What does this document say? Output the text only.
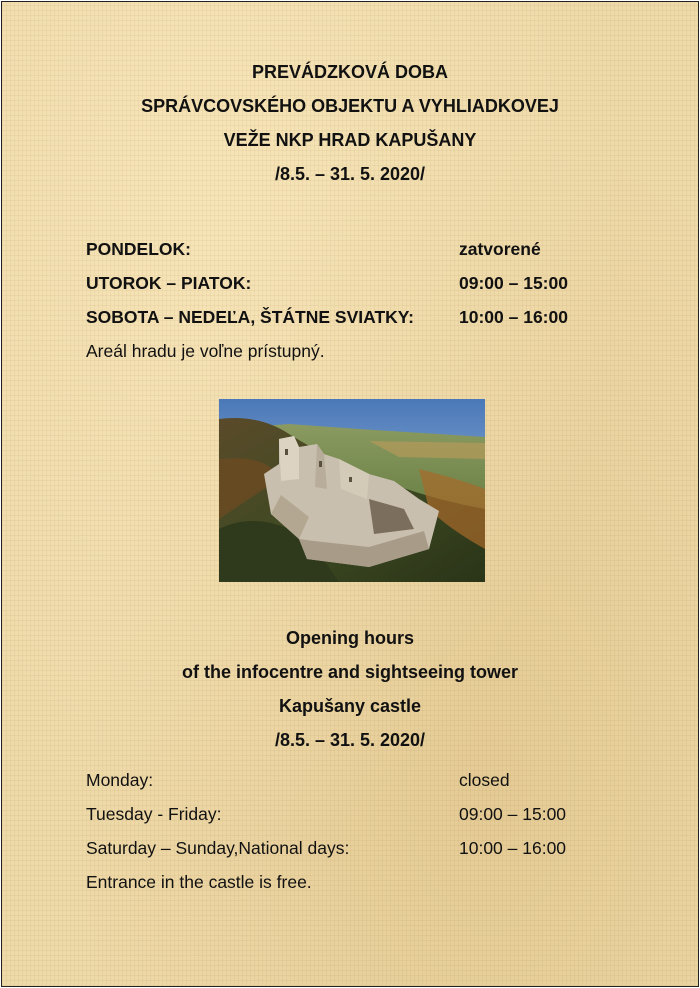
PREVÁDZKOVÁ DOBA
SPRÁVCOVSKÉHO OBJEKTU A VYHLIADKOVEJ
VEŽE NKP HRAD KAPUŠANY
/8.5. – 31. 5. 2020/
PONDELOK:	zatvorené
UTOROK – PIATOK:	09:00 – 15:00
SOBOTA – NEDEĽA, ŠTÁTNE SVIATKY:	10:00 – 16:00
Areál hradu je voľne prístupný.
Opening hours
of the infocentre and sightseeing tower
Kapušany castle
/8.5. – 31. 5. 2020/
Monday:	closed
Tuesday - Friday:	09:00 – 15:00
Saturday – Sunday,National days:	10:00 – 16:00
Entrance in the castle is free.
